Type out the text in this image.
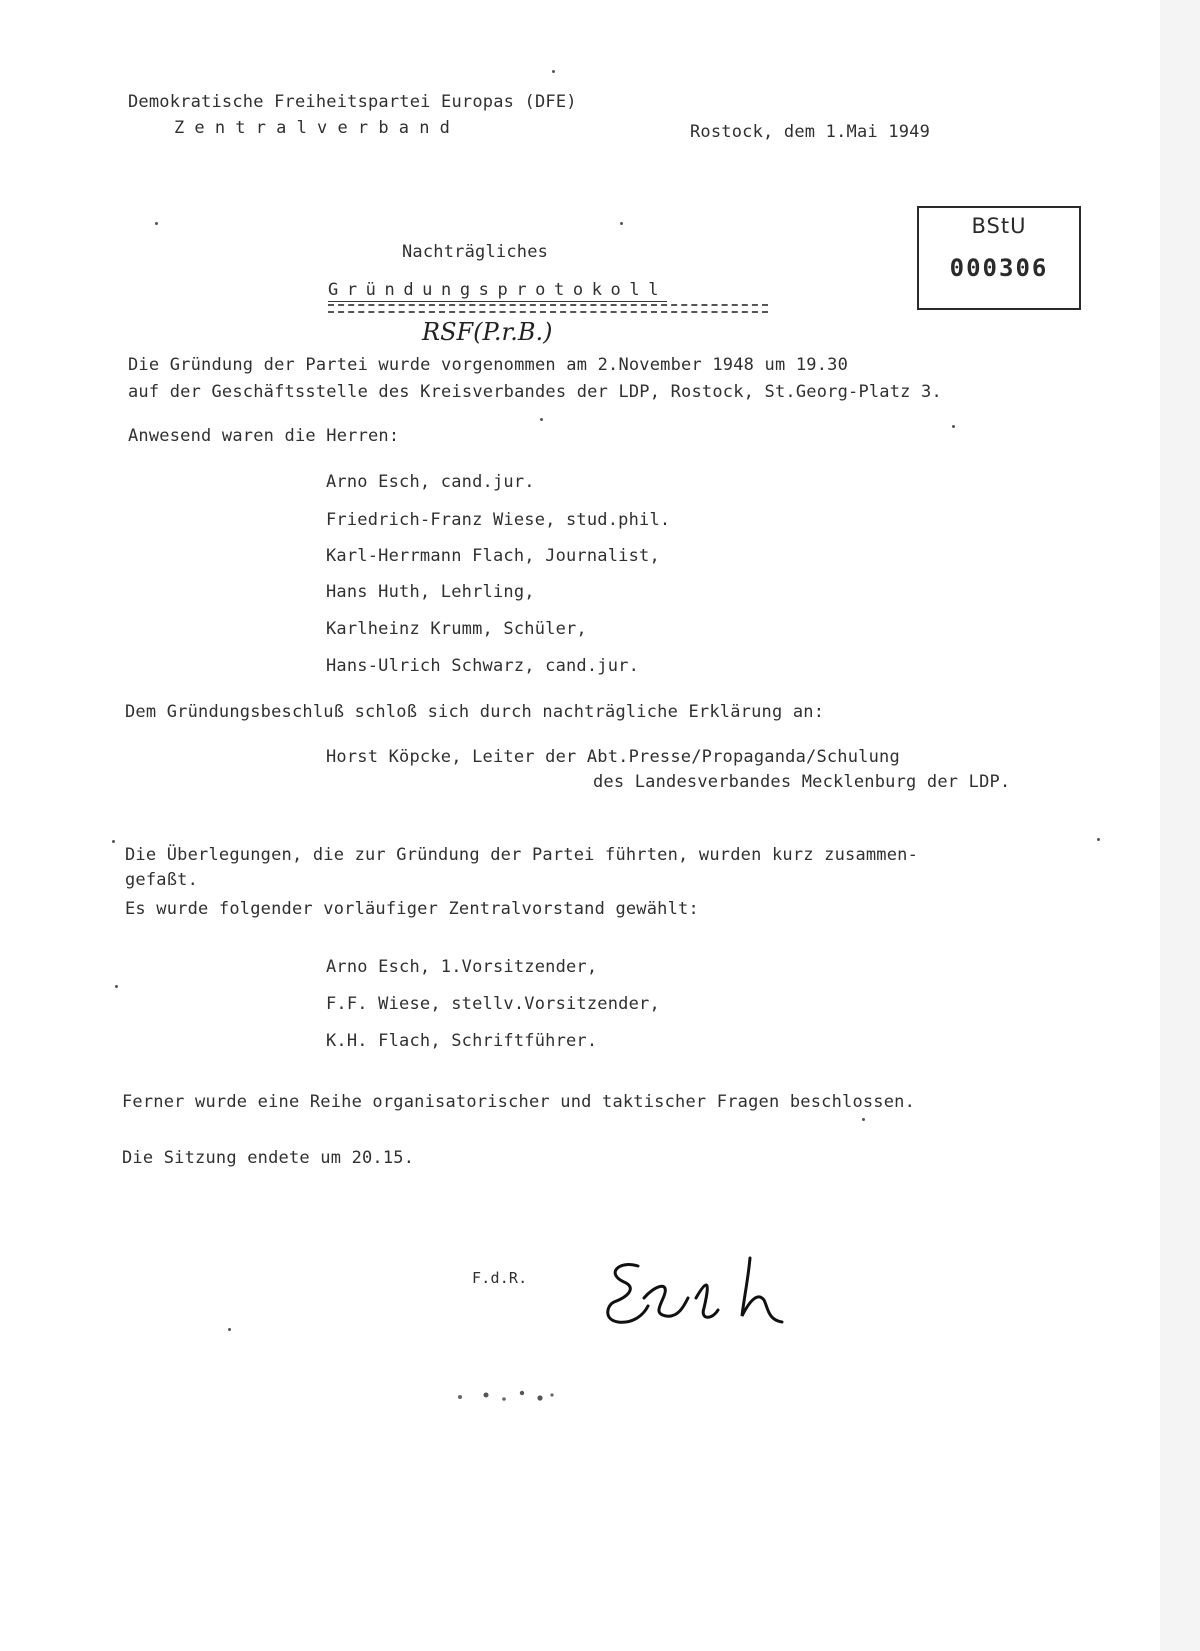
Demokratische Freiheitspartei Europas (DFE)
Zentralverband	Rostock, dem 1.Mai 1949
BStU
000306
Nachträgliches
Gründungsprotokoll
RSF(P.r.B.)
Die Gründung der Partei wurde vorgenommen am 2.November 1948 um 19.30
auf der Geschäftsstelle des Kreisverbandes der LDP, Rostock, St.Georg-Platz 3.
Anwesend waren die Herren:
Arno Esch, cand.jur.
Friedrich-Franz Wiese, stud.phil.
Karl-Herrmann Flach, Journalist,
Hans Huth, Lehrling,
Karlheinz Krumm, Schüler,
Hans-Ulrich Schwarz, cand.jur.
Dem Gründungsbeschluß schloß sich durch nachträgliche Erklärung an:
Horst Köpcke, Leiter der Abt.Presse/Propaganda/Schulung
des Landesverbandes Mecklenburg der LDP.
Die Überlegungen, die zur Gründung der Partei führten, wurden kurz zusammen-
gefaßt.
Es wurde folgender vorläufiger Zentralvorstand gewählt:
Arno Esch, 1.Vorsitzender,
F.F. Wiese, stellv.Vorsitzender,
K.H. Flach, Schriftführer.
Ferner wurde eine Reihe organisatorischer und taktischer Fragen beschlossen.
Die Sitzung endete um 20.15.
F.d.R.
